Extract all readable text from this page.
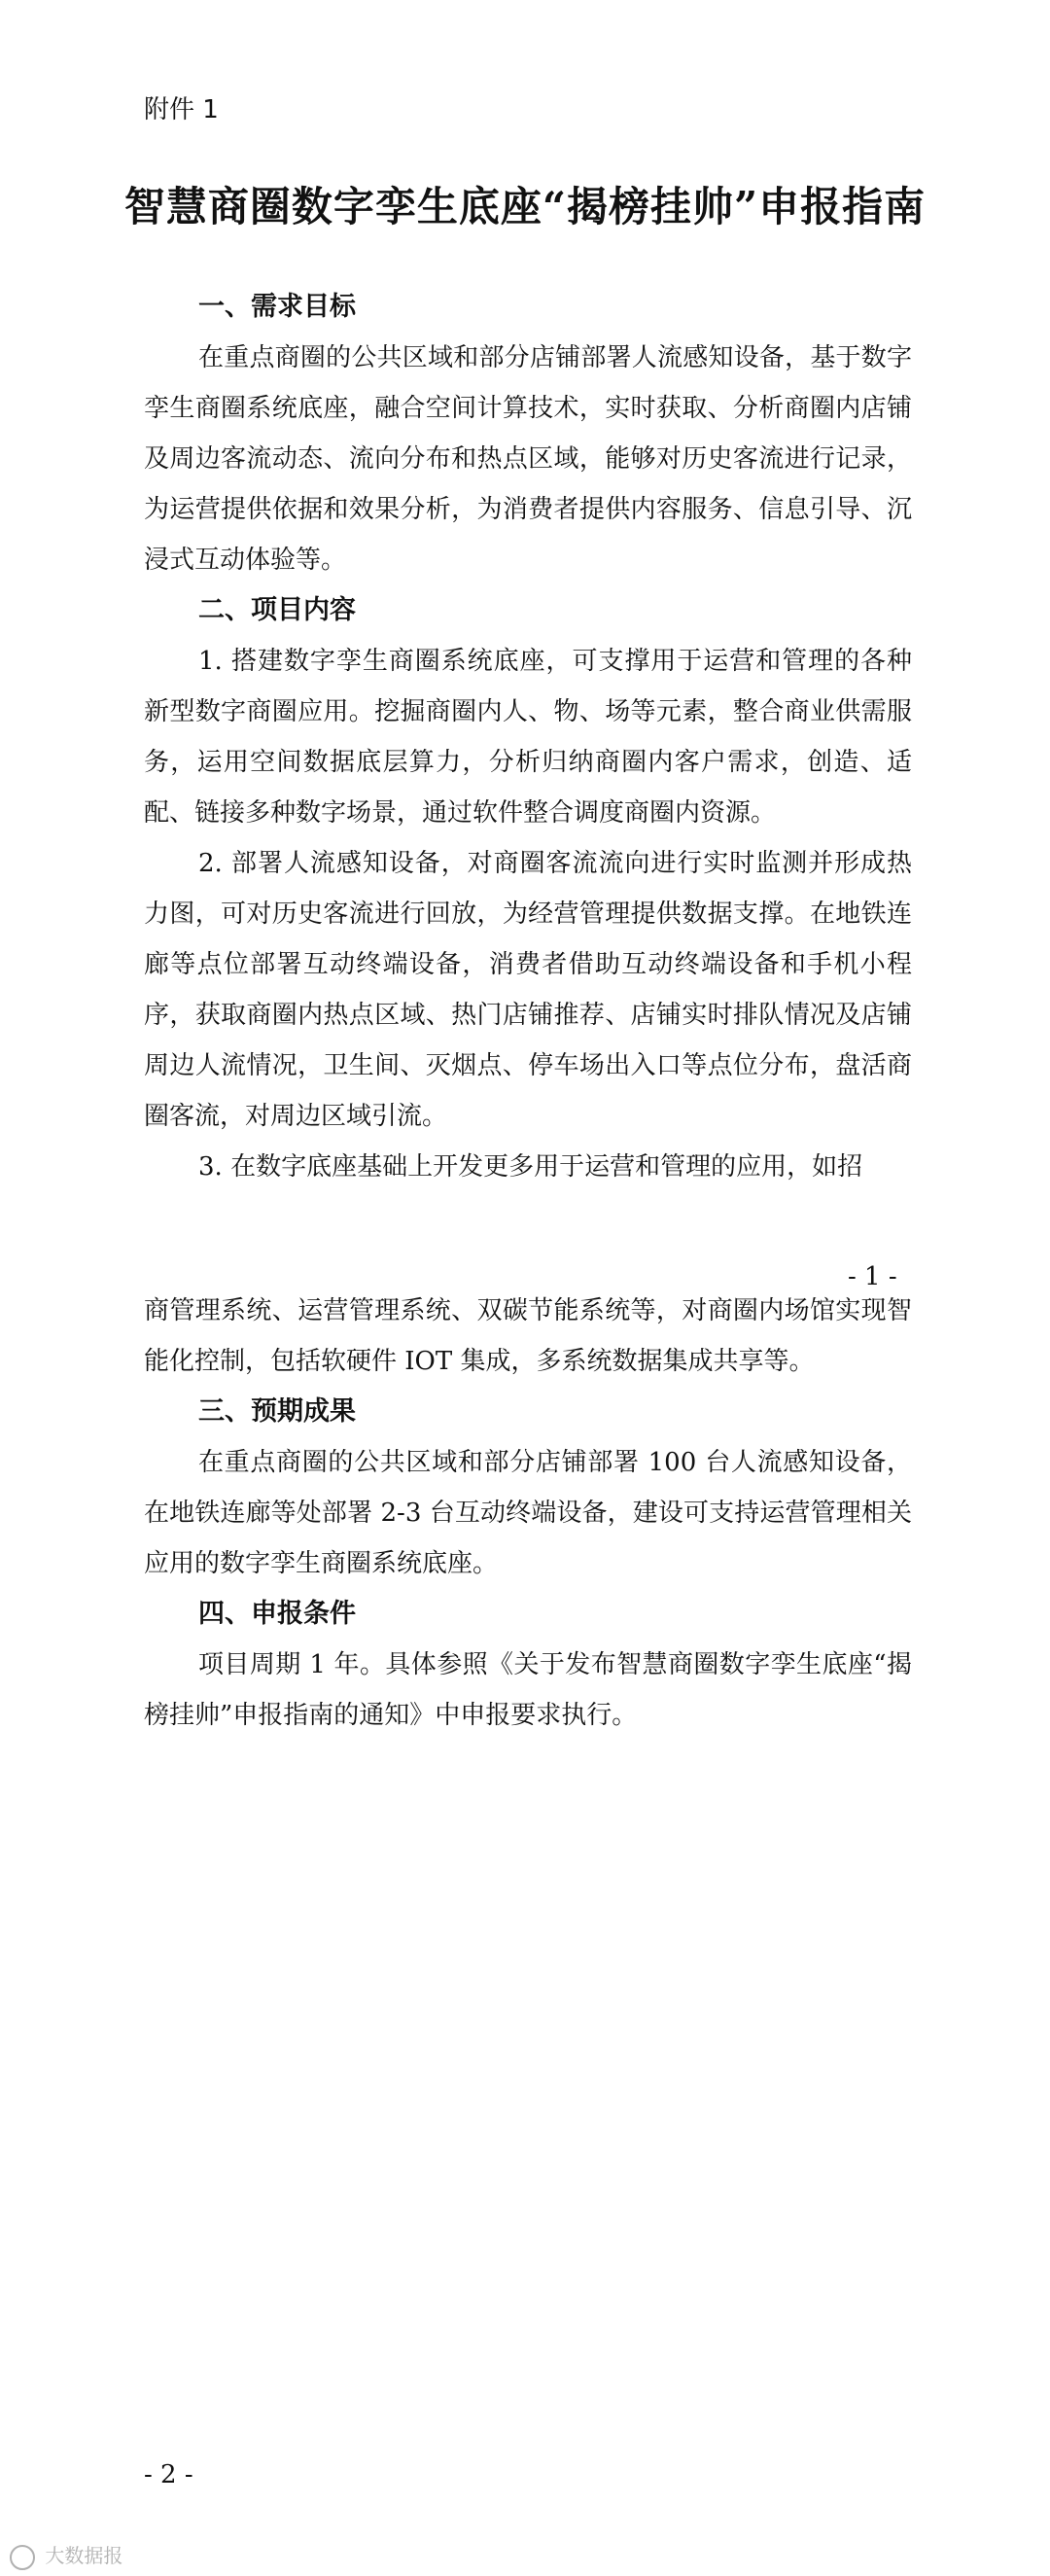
附件 1
智慧商圈数字孪生底座“揭榜挂帅”申报指南

一、需求目标

在重点商圈的公共区域和部分店铺部署人流感知设备，基于数字孪生商圈系统底座，融合空间计算技术，实时获取、分析商圈内店铺及周边客流动态、流向分布和热点区域，能够对历史客流进行记录，为运营提供依据和效果分析，为消费者提供内容服务、信息引导、沉浸式互动体验等。

二、项目内容

1. 搭建数字孪生商圈系统底座，可支撑用于运营和管理的各种新型数字商圈应用。挖掘商圈内人、物、场等元素，整合商业供需服务，运用空间数据底层算力，分析归纳商圈内客户需求，创造、适配、链接多种数字场景，通过软件整合调度商圈内资源。

2. 部署人流感知设备，对商圈客流流向进行实时监测并形成热力图，可对历史客流进行回放，为经营管理提供数据支撑。在地铁连廊等点位部署互动终端设备，消费者借助互动终端设备和手机小程序，获取商圈内热点区域、热门店铺推荐、店铺实时排队情况及店铺周边人流情况，卫生间、灭烟点、停车场出入口等点位分布，盘活商圈客流，对周边区域引流。

3. 在数字底座基础上开发更多用于运营和管理的应用，如招

- 1 -

商管理系统、运营管理系统、双碳节能系统等，对商圈内场馆实现智能化控制，包括软硬件 IOT 集成，多系统数据集成共享等。

三、预期成果

在重点商圈的公共区域和部分店铺部署 100 台人流感知设备，在地铁连廊等处部署 2-3 台互动终端设备，建设可支持运营管理相关应用的数字孪生商圈系统底座。

四、申报条件

项目周期 1 年。具体参照《关于发布智慧商圈数字孪生底座“揭榜挂帅”申报指南的通知》中申报要求执行。

- 2 -
大数据报
